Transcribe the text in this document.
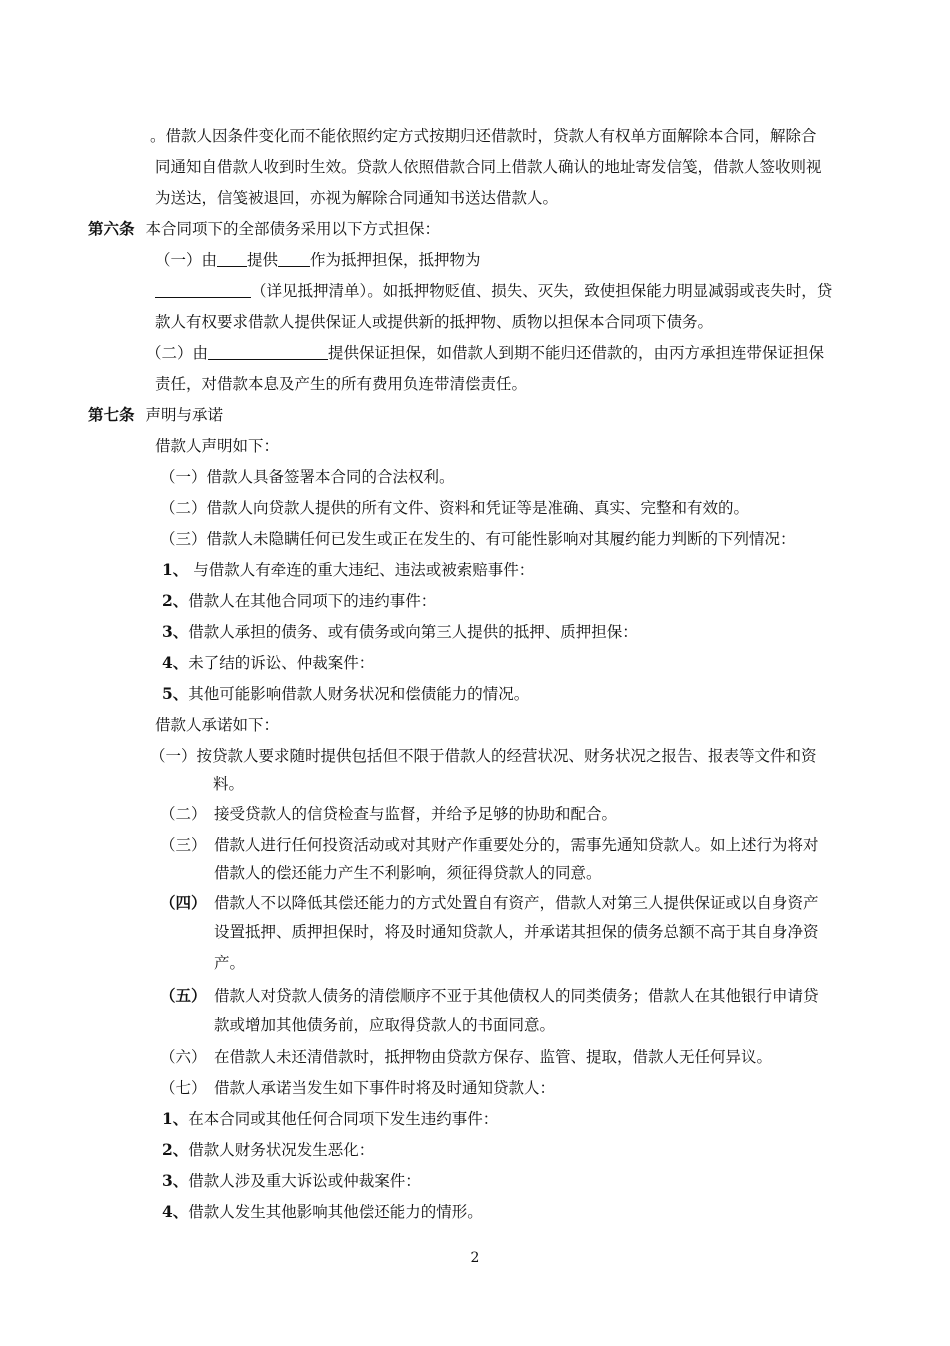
。借款人因条件变化而不能依照约定方式按期归还借款时，贷款人有权单方面解除本合同，解除合
同通知自借款人收到时生效。贷款人依照借款合同上借款人确认的地址寄发信笺，借款人签收则视
为送达，信笺被退回，亦视为解除合同通知书送达借款人。
第六条 本合同项下的全部债务采用以下方式担保：
（一）由 提供 作为抵押担保，抵押物为
（详见抵押清单）。如抵押物贬值、损失、灭失，致使担保能力明显减弱或丧失时，贷
款人有权要求借款人提供保证人或提供新的抵押物、质物以担保本合同项下债务。
（二）由	提供保证担保，如借款人到期不能归还借款的，由丙方承担连带保证担保
责任，对借款本息及产生的所有费用负连带清偿责任。
第七条 声明与承诺
借款人声明如下：
（一）借款人具备签署本合同的合法权利。
（二）借款人向贷款人提供的所有文件、资料和凭证等是准确、真实、完整和有效的。
（三）借款人未隐瞒任何已发生或正在发生的、有可能性影响对其履约能力判断的下列情况：
1、 与借款人有牵连的重大违纪、违法或被索赔事件：
2、借款人在其他合同项下的违约事件：
3、借款人承担的债务、或有债务或向第三人提供的抵押、质押担保：
4、未了结的诉讼、仲裁案件：
5、其他可能影响借款人财务状况和偿债能力的情况。
借款人承诺如下：
（一）按贷款人要求随时提供包括但不限于借款人的经营状况、财务状况之报告、报表等文件和资
料。
（二） 接受贷款人的信贷检查与监督，并给予足够的协助和配合。
（三） 借款人进行任何投资活动或对其财产作重要处分的，需事先通知贷款人。如上述行为将对
借款人的偿还能力产生不利影响，须征得贷款人的同意。
（四） 借款人不以降低其偿还能力的方式处置自有资产，借款人对第三人提供保证或以自身资产
设置抵押、质押担保时，将及时通知贷款人，并承诺其担保的债务总额不高于其自身净资
产。
（五） 借款人对贷款人债务的清偿顺序不亚于其他债权人的同类债务；借款人在其他银行申请贷
款或增加其他债务前，应取得贷款人的书面同意。
（六） 在借款人未还清借款时，抵押物由贷款方保存、监管、提取，借款人无任何异议。
（七） 借款人承诺当发生如下事件时将及时通知贷款人：
1、在本合同或其他任何合同项下发生违约事件：
2、借款人财务状况发生恶化：
3、借款人涉及重大诉讼或仲裁案件：
4、借款人发生其他影响其他偿还能力的情形。
2
